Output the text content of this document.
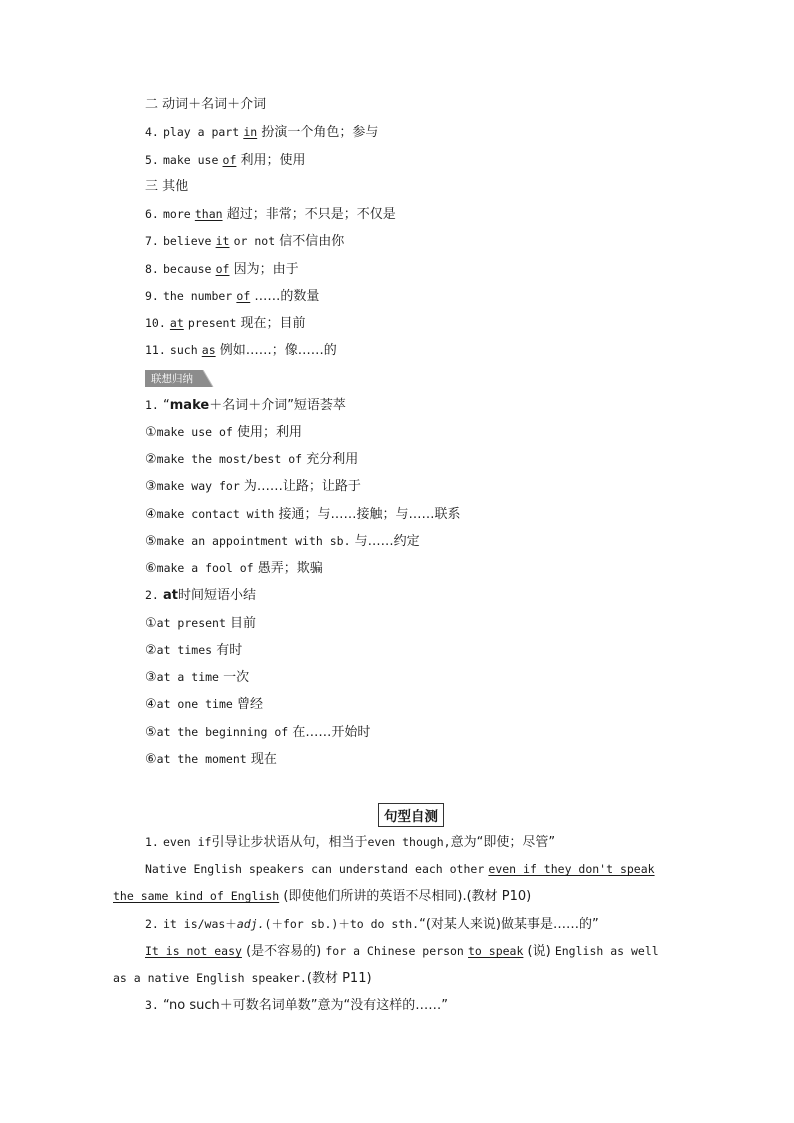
二 动词＋名词＋介词
4. play a part in 扮演一个角色；参与
5. make use of 利用；使用
三 其他
6. more than 超过；非常；不只是；不仅是
7. believe it or not 信不信由你
8. because of 因为；由于
9. the number of ……的数量
10. at present 现在；目前
11. such as 例如……；像……的
联想归纳
1. “make＋名词＋介词”短语荟萃
①make use of 使用；利用
②make the most/best of 充分利用
③make way for 为……让路；让路于
④make contact with 接通；与……接触；与……联系
⑤make an appointment with sb. 与……约定
⑥make a fool of 愚弄；欺骗
2. at时间短语小结
①at present 目前
②at times 有时
③at a time 一次
④at one time 曾经
⑤at the beginning of 在……开始时
⑥at the moment 现在
句型自测
1. even if引导让步状语从句，相当于even though,意为“即使；尽管”
Native English speakers can understand each other even if they don't speak
the same kind of English (即使他们所讲的英语不尽相同).(教材 P10)
2. it is/was＋adj.(＋for sb.)＋to do sth.“(对某人来说)做某事是……的”
It is not easy (是不容易的) for a Chinese person to speak (说) English as well
as a native English speaker.(教材 P11)
3. “no such＋可数名词单数”意为“没有这样的……”
